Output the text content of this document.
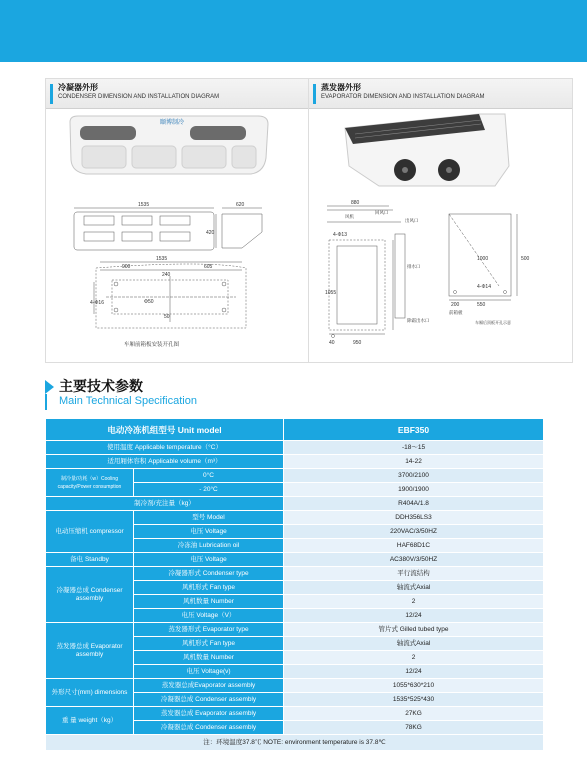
冷凝器外形
CONDENSER DIMENSION AND INSTALLATION DIAGRAM
颐博制冷
1535	620
420
1535
900	605
240
4-Φ16	Φ50
50
车厢前箱板安装开孔图
蒸发器外形
EVAPORATOR DIMENSION AND INSTALLATION DIAGRAM
880
4-Φ13
1055
40	950
风机
回风口
出风口
排水口
除霜出水口
1000	500
4-Φ14
200	550
前箱板
车厢后顶板开孔示意
主要技术参数
Main Technical Specification
电动冷冻机组型号 Unit model		EBF350
使用温度 Applicable temperature（°C）		-18～15
适用厢体容积 Applicable volume（m³）		14-22
制冷量/功耗（w）Cooling capacity/Power consumption	0°C	3700/2100
	- 20°C	1900/1900
制冷剂/充注量（kg）		R404A/1.8
电动压缩机 compressor	型号 Model	DDH356LS3
	电压 Voltage	220VAC/3/50HZ
	冷冻油 Lubrication oil	HAF68D1C
备电 Standby	电压 Voltage	AC380V/3/50HZ
冷凝器总成 Condenser assembly	冷凝器形式 Condenser type	平行流结构
	风机形式 Fan type	轴流式Axial
	风机数量 Number	2
	电压 Voltage（V）	12/24
蒸发器总成 Evaporator assembly	蒸发器形式 Evaporator type	管片式 Gilled tubed type
	风机形式 Fan type	轴流式Axial
	风机数量 Number	2
	电压 Voltage(v)	12/24
外形尺寸(mm) dimensions	蒸发器总成Evaporator assembly	1055*630*210
	冷凝器总成 Condenser assembly	1535*525*430
重 量 weight（kg）	蒸发器总成 Evaporator assembly	27KG
	冷凝器总成 Condenser assembly	78KG
注：环境温度37.8℃ NOTE: environment temperature is 37.8℃		
